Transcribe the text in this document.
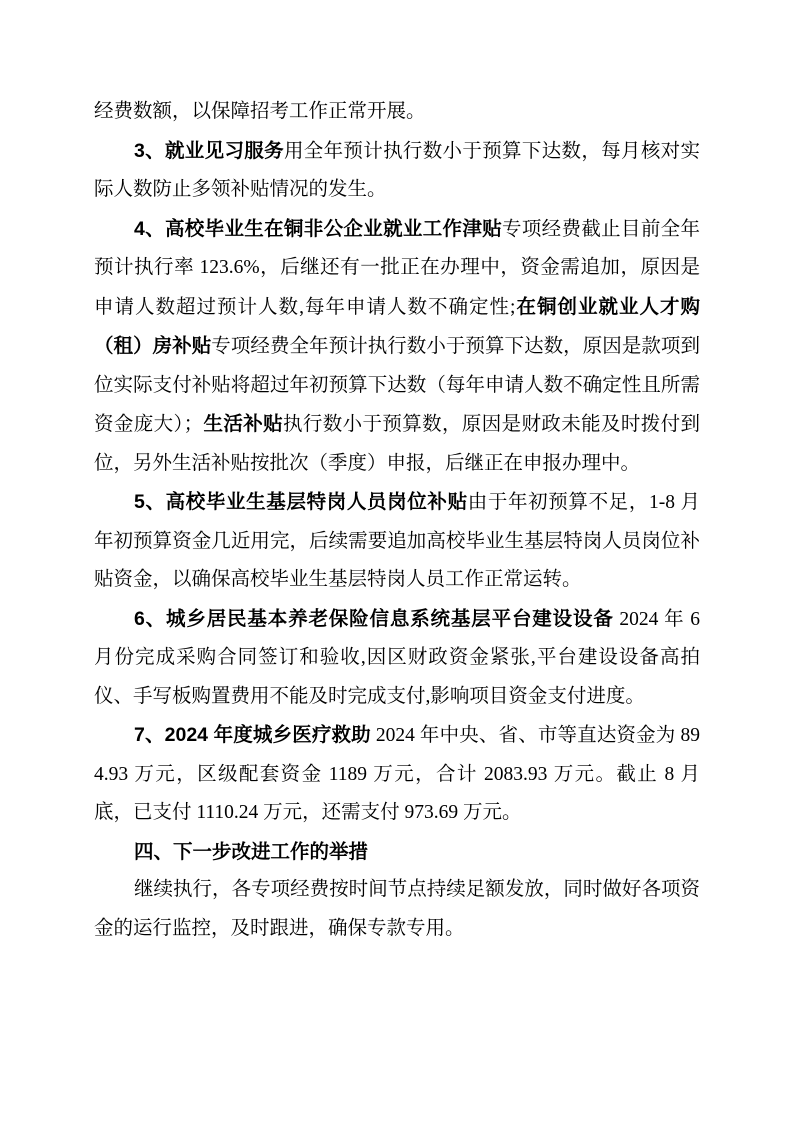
经费数额，以保障招考工作正常开展。

3、就业见习服务用全年预计执行数小于预算下达数，每月核对实际人数防止多领补贴情况的发生。

4、高校毕业生在铜非公企业就业工作津贴专项经费截止目前全年预计执行率 123.6%，后继还有一批正在办理中，资金需追加，原因是申请人数超过预计人数,每年申请人数不确定性;在铜创业就业人才购（租）房补贴专项经费全年预计执行数小于预算下达数，原因是款项到位实际支付补贴将超过年初预算下达数（每年申请人数不确定性且所需资金庞大）；生活补贴执行数小于预算数，原因是财政未能及时拨付到位，另外生活补贴按批次（季度）申报，后继正在申报办理中。

5、高校毕业生基层特岗人员岗位补贴由于年初预算不足，1-8 月年初预算资金几近用完，后续需要追加高校毕业生基层特岗人员岗位补贴资金，以确保高校毕业生基层特岗人员工作正常运转。

6、城乡居民基本养老保险信息系统基层平台建设设备 2024 年 6 月份完成采购合同签订和验收,因区财政资金紧张,平台建设设备高拍仪、手写板购置费用不能及时完成支付,影响项目资金支付进度。

7、2024 年度城乡医疗救助 2024 年中央、省、市等直达资金为 894.93 万元，区级配套资金 1189 万元，合计 2083.93 万元。截止 8 月底，已支付 1110.24 万元，还需支付 973.69 万元。

四、下一步改进工作的举措

继续执行，各专项经费按时间节点持续足额发放，同时做好各项资金的运行监控，及时跟进，确保专款专用。
